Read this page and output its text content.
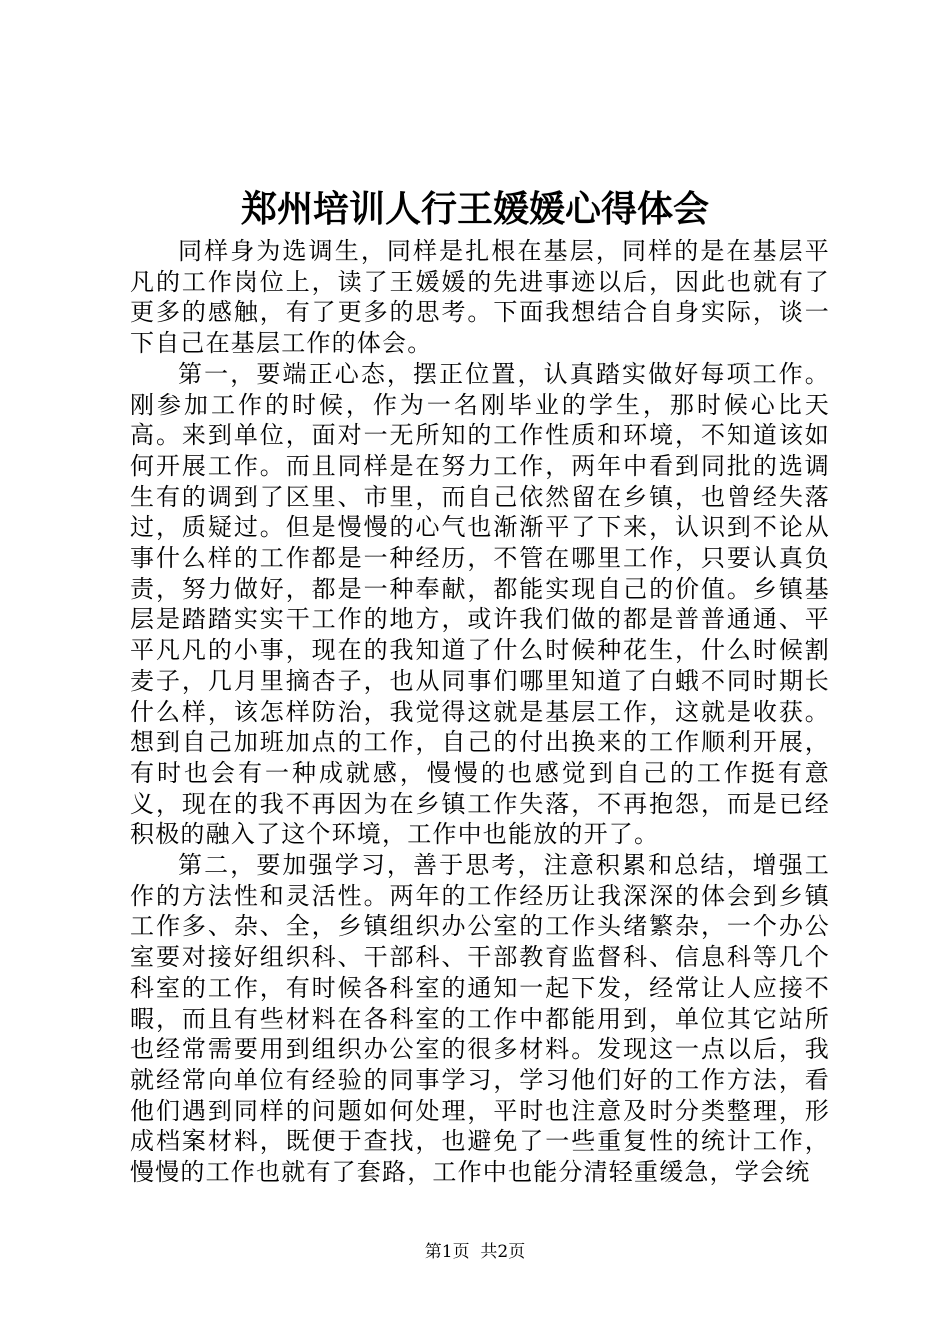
郑州培训人行王媛媛心得体会

同样身为选调生，同样是扎根在基层，同样的是在基层平凡的工作岗位上，读了王媛媛的先进事迹以后，因此也就有了更多的感触，有了更多的思考。下面我想结合自身实际，谈一下自己在基层工作的体会。

第一，要端正心态，摆正位置，认真踏实做好每项工作。刚参加工作的时候，作为一名刚毕业的学生，那时候心比天高。来到单位，面对一无所知的工作性质和环境，不知道该如何开展工作。而且同样是在努力工作，两年中看到同批的选调生有的调到了区里、市里，而自己依然留在乡镇，也曾经失落过，质疑过。但是慢慢的心气也渐渐平了下来，认识到不论从事什么样的工作都是一种经历，不管在哪里工作，只要认真负责，努力做好，都是一种奉献，都能实现自己的价值。乡镇基层是踏踏实实干工作的地方，或许我们做的都是普普通通、平平凡凡的小事，现在的我知道了什么时候种花生，什么时候割麦子，几月里摘杏子，也从同事们哪里知道了白蛾不同时期长什么样，该怎样防治，我觉得这就是基层工作，这就是收获。想到自己加班加点的工作，自己的付出换来的工作顺利开展，有时也会有一种成就感，慢慢的也感觉到自己的工作挺有意义，现在的我不再因为在乡镇工作失落，不再抱怨，而是已经积极的融入了这个环境，工作中也能放的开了。

第二，要加强学习，善于思考，注意积累和总结，增强工作的方法性和灵活性。两年的工作经历让我深深的体会到乡镇工作多、杂、全，乡镇组织办公室的工作头绪繁杂，一个办公室要对接好组织科、干部科、干部教育监督科、信息科等几个科室的工作，有时候各科室的通知一起下发，经常让人应接不暇，而且有些材料在各科室的工作中都能用到，单位其它站所也经常需要用到组织办公室的很多材料。发现这一点以后，我就经常向单位有经验的同事学习，学习他们好的工作方法，看他们遇到同样的问题如何处理，平时也注意及时分类整理，形成档案材料，既便于查找，也避免了一些重复性的统计工作，慢慢的工作也就有了套路，工作中也能分清轻重缓急，学会统

第1页  共2页
